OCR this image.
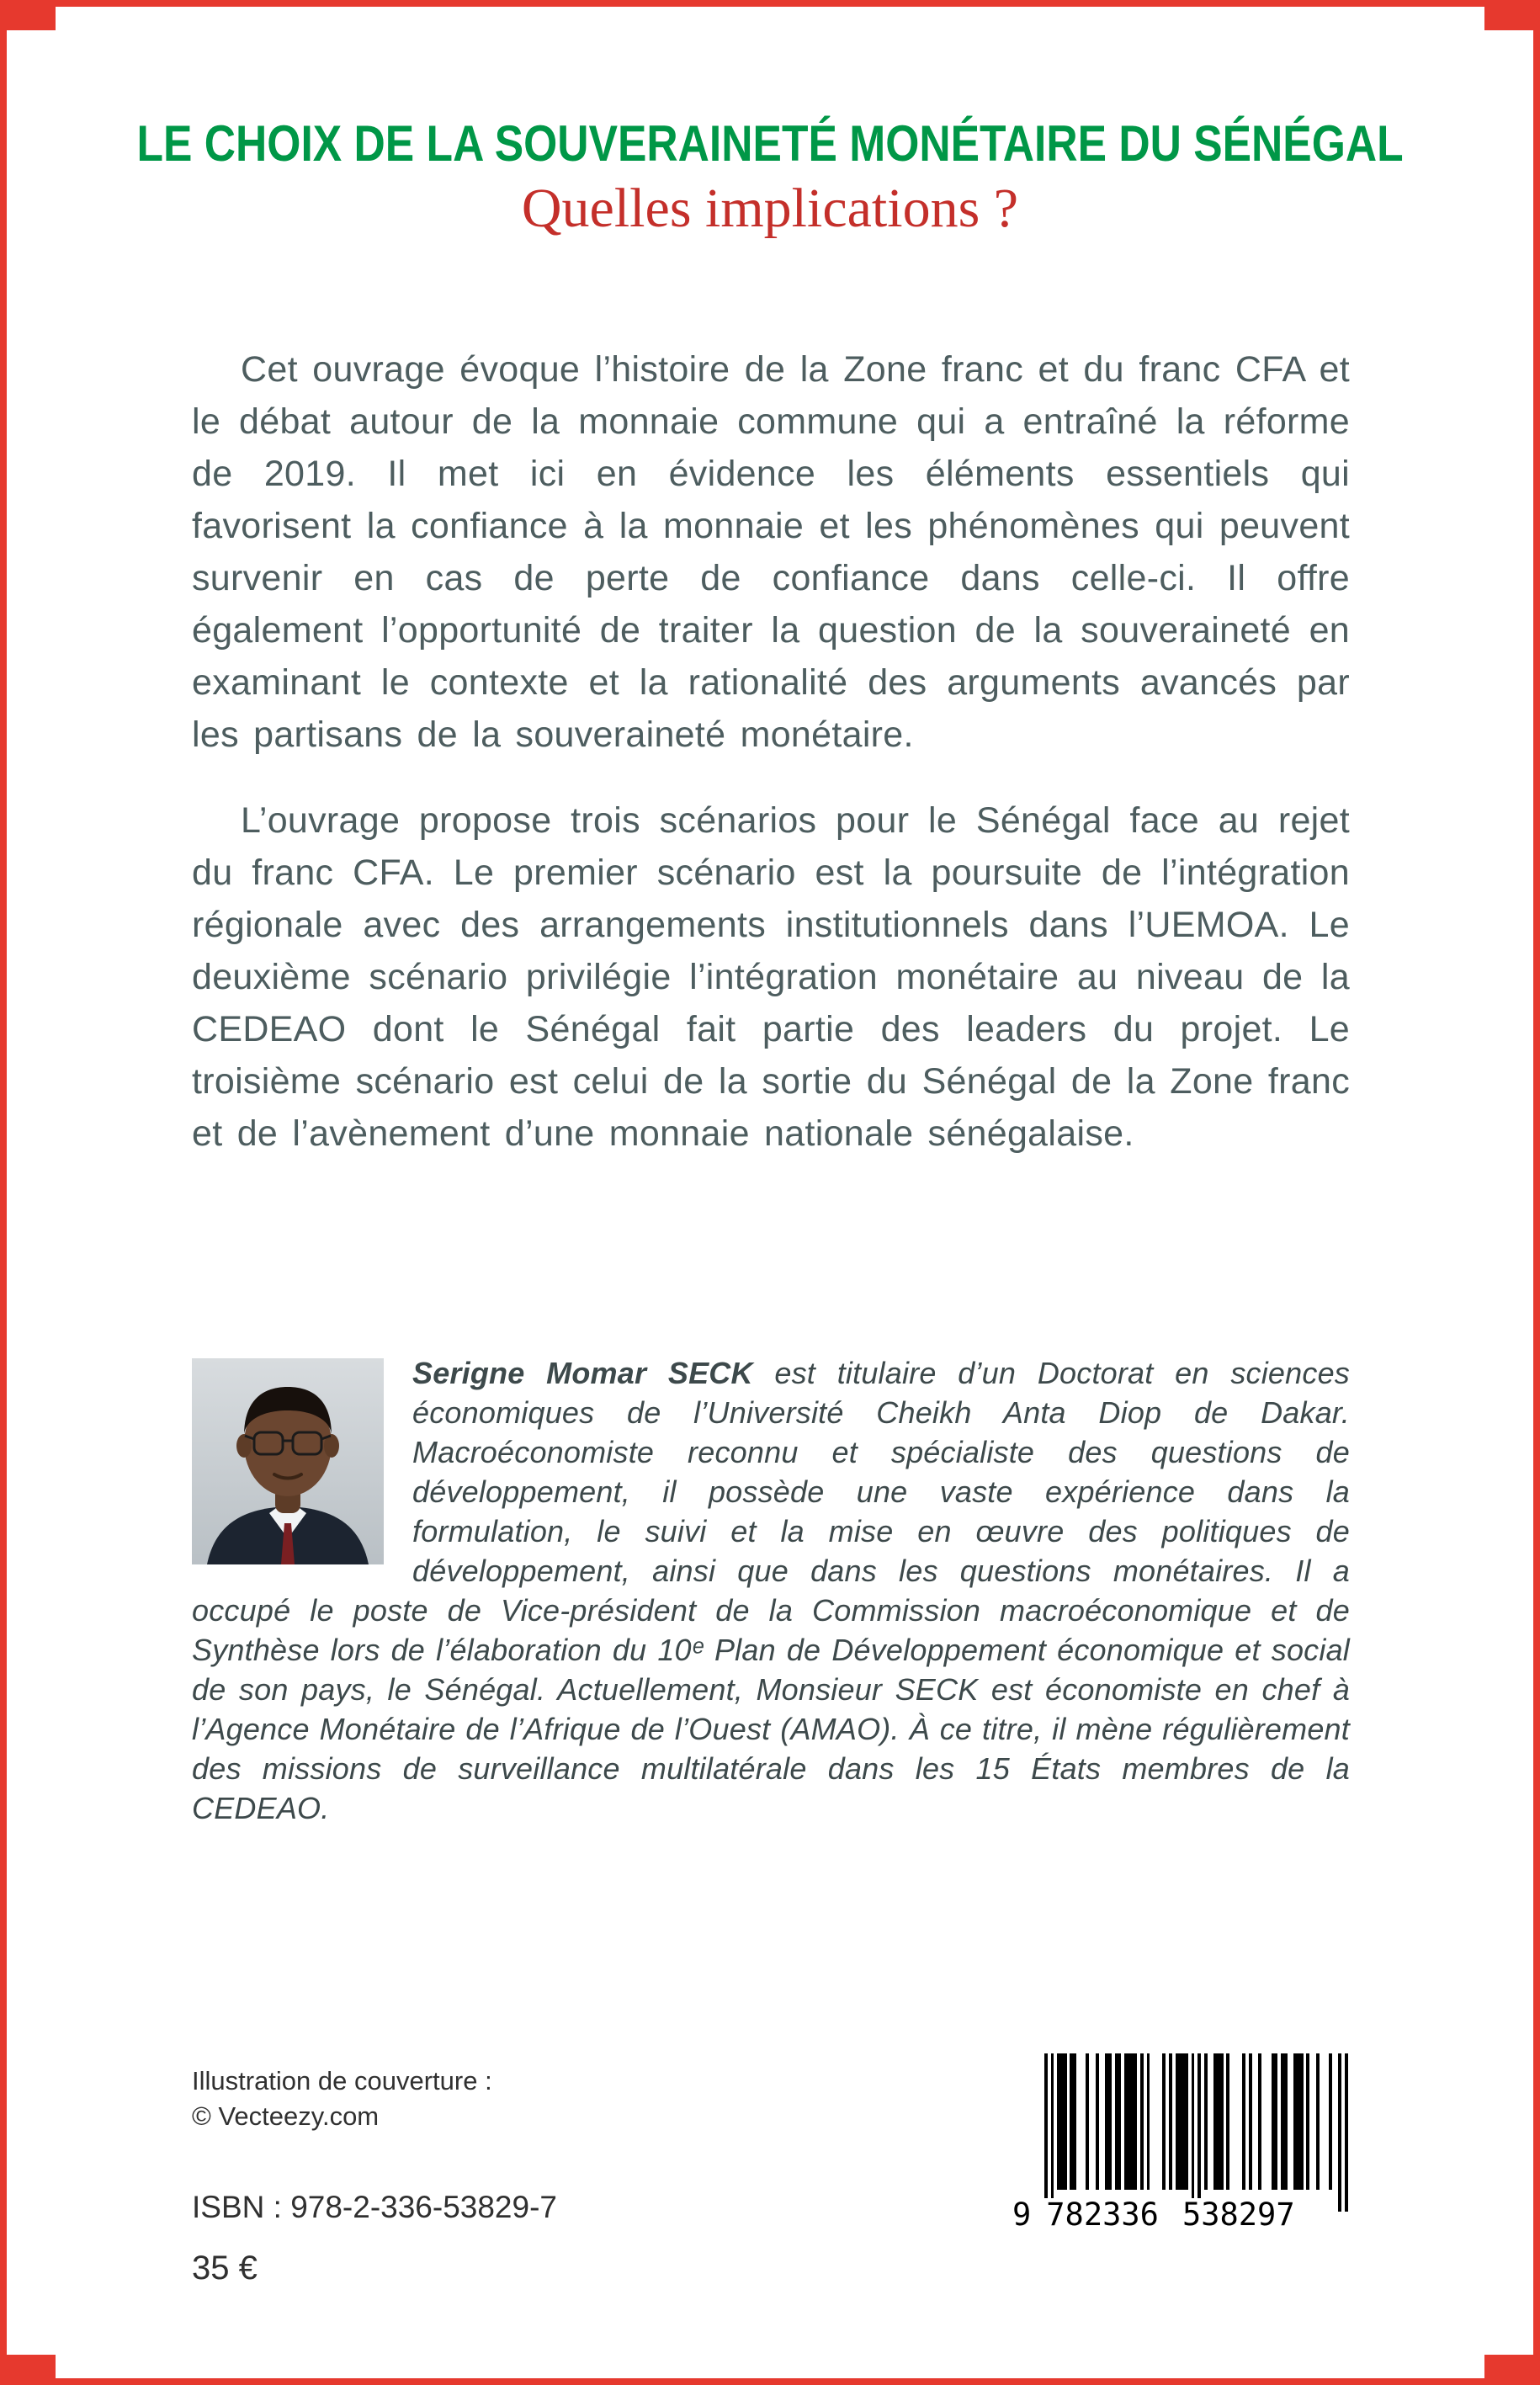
LE CHOIX DE LA SOUVERAINETÉ MONÉTAIRE DU SÉNÉGAL
Quelles implications ?

Cet ouvrage évoque l’histoire de la Zone franc et du franc CFA et le débat autour de la monnaie commune qui a entraîné la réforme de 2019. Il met ici en évidence les éléments essentiels qui favorisent la confiance à la monnaie et les phénomènes qui peuvent survenir en cas de perte de confiance dans celle-ci. Il offre également l’opportunité de traiter la question de la souveraineté en examinant le contexte et la rationalité des arguments avancés par les partisans de la souveraineté monétaire.

L’ouvrage propose trois scénarios pour le Sénégal face au rejet du franc CFA. Le premier scénario est la poursuite de l’intégration régionale avec des arrangements institutionnels dans l’UEMOA. Le deuxième scénario privilégie l’intégration monétaire au niveau de la CEDEAO dont le Sénégal fait partie des leaders du projet. Le troisième scénario est celui de la sortie du Sénégal de la Zone franc et de l’avènement d’une monnaie nationale sénégalaise.

Serigne Momar SECK est titulaire d’un Doctorat en sciences économiques de l’Université Cheikh Anta Diop de Dakar. Macroéconomiste reconnu et spécialiste des questions de développement, il possède une vaste expérience dans la formulation, le suivi et la mise en œuvre des politiques de développement, ainsi que dans les questions monétaires. Il a occupé le poste de Vice-président de la Commission macroéconomique et de Synthèse lors de l’élaboration du 10ᵉ Plan de Développement économique et social de son pays, le Sénégal. Actuellement, Monsieur SECK est économiste en chef à l’Agence Monétaire de l’Afrique de l’Ouest (AMAO). À ce titre, il mène régulièrement des missions de surveillance multilatérale dans les 15 États membres de la CEDEAO.
Illustration de couverture :
© Vecteezy.com
ISBN : 978-2-336-53829-7
35 €
9 782336 538297
